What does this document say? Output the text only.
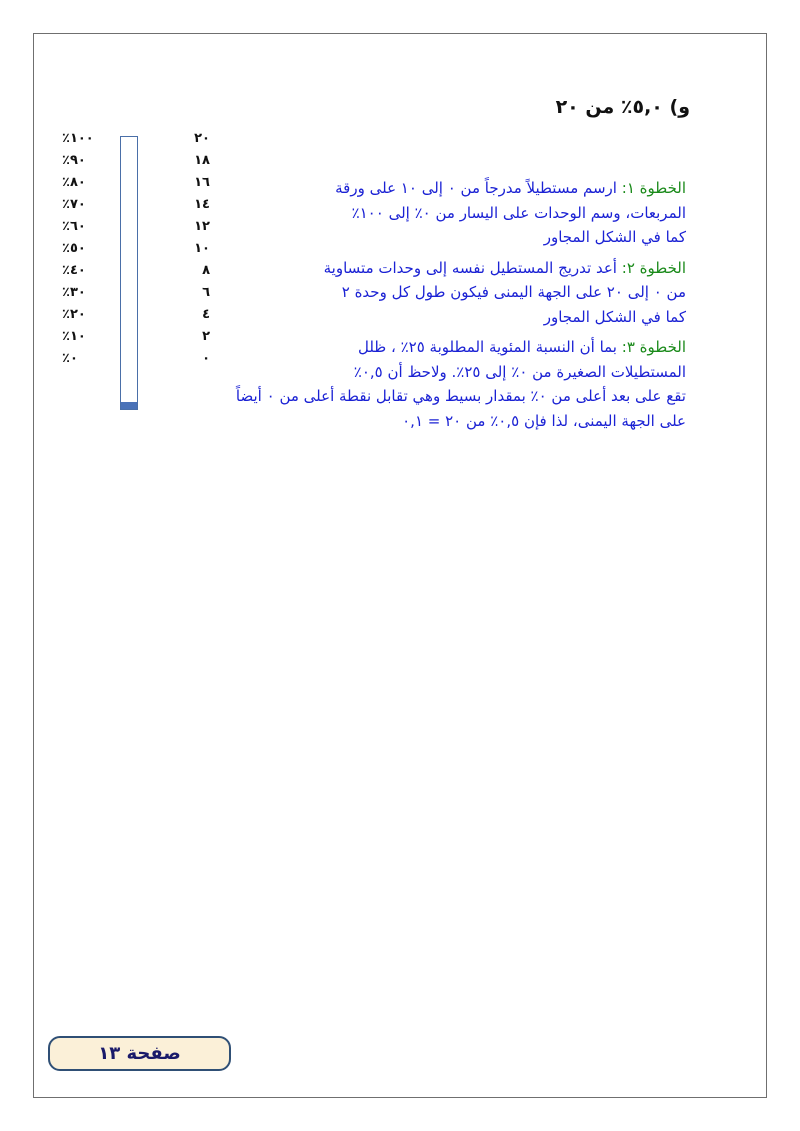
و) ٥,٠٪ من ٢٠
٪١٠٠
٪٩٠
٪٨٠
٪٧٠
٪٦٠
٪٥٠
٪٤٠
٪٣٠
٪٢٠
٪١٠
٪٠
٢٠
١٨
١٦
١٤
١٢
١٠
٨
٦
٤
٢
٠

الخطوة ١: ارسم مستطيلاً مدرجاً من ٠ إلى ١٠ على ورقة
المربعات، وسم الوحدات على اليسار من ٠٪ إلى ١٠٠٪
كما في الشكل المجاور

الخطوة ٢: أعد تدريج المستطيل نفسه إلى وحدات متساوية
من ٠ إلى ٢٠ على الجهة اليمنى فيكون طول كل وحدة ٢
كما في الشكل المجاور

الخطوة ٣: بما أن النسبة المئوية المطلوبة ٢٥٪ ، ظلل
المستطيلات الصغيرة من ٠٪ إلى ٢٥٪. ولاحظ أن ٠,٥٪
تقع على بعد أعلى من ٠٪ بمقدار بسيط وهي تقابل نقطة أعلى من ٠ أيضاً
على الجهة اليمنى، لذا فإن ٠,٥٪ من ٢٠ = ٠,١

صفحة ١٣
